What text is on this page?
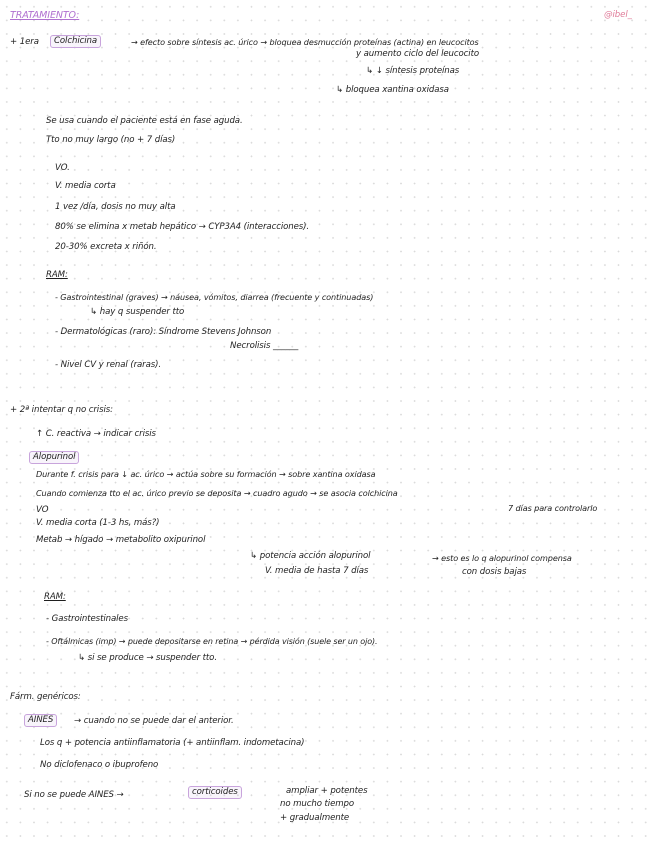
TRATAMIENTO:	@ibel_
+ 1era	Colchicina	→ efecto sobre síntesis ac. úrico → bloquea desmucción proteínas (actina) en leucocitos
y aumento ciclo del leucocito
↳ ↓ síntesis proteínas
↳ bloquea xantina oxidasa
Se usa cuando el paciente está en fase aguda.
Tto no muy largo (no + 7 días)
VO.
V. media corta
1 vez /día, dosis no muy alta
80% se elimina x metab hepático → CYP3A4 (interacciones).
20-30% excreta x riñón.
RAM:
- Gastrointestinal (graves) → náusea, vómitos, diarrea (frecuente y continuadas)
↳ hay q suspender tto
- Dermatológicas (raro): Síndrome Stevens Johnson
Necrolisis ______
- Nivel CV y renal (raras).
+ 2ª intentar q no crisis:
↑ C. reactiva → indicar crisis
Alopurinol
Durante f. crisis para ↓ ac. úrico → actúa sobre su formación → sobre xantina oxidasa
Cuando comienza tto el ac. úrico previo se deposita → cuadro agudo → se asocia colchicina
7 días para controlarlo
VO
V. media corta (1-3 hs, más?)
Metab → hígado → metabolito oxipurinol
↳ potencia acción alopurinol
V. media de hasta 7 días
→ esto es lo q alopurinol compensa
con dosis bajas
RAM:
- Gastrointestinales
- Oftálmicas (imp) → puede depositarse en retina → pérdida visión (suele ser un ojo).
↳ si se produce → suspender tto.
Fárm. genéricos:
AINES	→ cuando no se puede dar el anterior.
Los q + potencia antiinflamatoria (+ antiinflam. indometacina)
No diclofenaco o ibuprofeno
Si no se puede AINES →	corticoides	ampliar + potentes
no mucho tiempo
+ gradualmente
